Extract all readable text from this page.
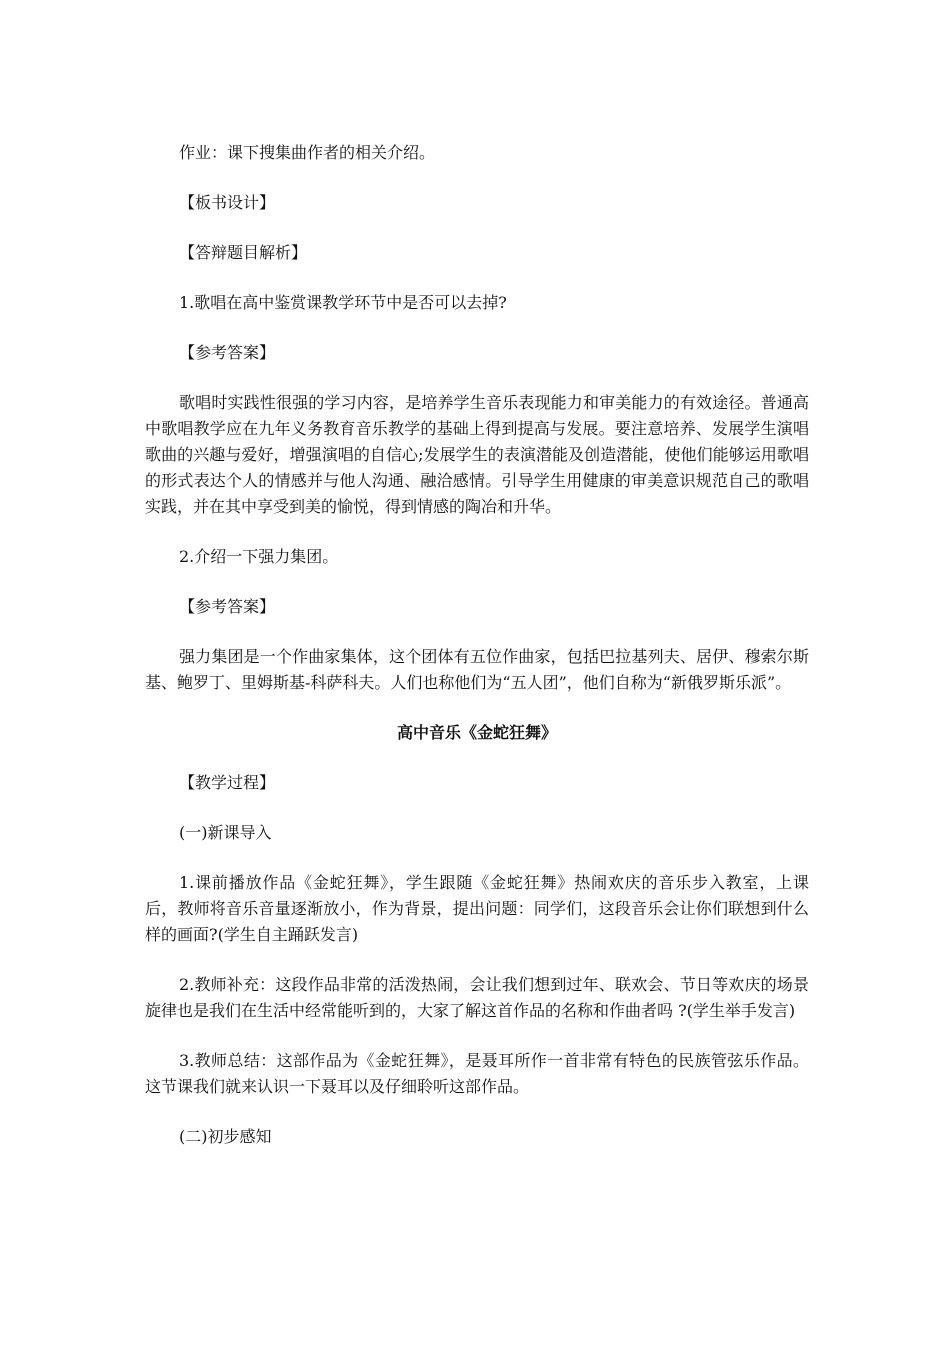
作业：课下搜集曲作者的相关介绍。

【板书设计】

【答辩题目解析】

1.歌唱在高中鉴赏课教学环节中是否可以去掉?

【参考答案】

歌唱时实践性很强的学习内容，是培养学生音乐表现能力和审美能力的有效途径。普通高中歌唱教学应在九年义务教育音乐教学的基础上得到提高与发展。要注意培养、发展学生演唱歌曲的兴趣与爱好，增强演唱的自信心;发展学生的表演潜能及创造潜能，使他们能够运用歌唱的形式表达个人的情感并与他人沟通、融洽感情。引导学生用健康的审美意识规范自己的歌唱实践，并在其中享受到美的愉悦，得到情感的陶冶和升华。

2.介绍一下强力集团。

【参考答案】

强力集团是一个作曲家集体，这个团体有五位作曲家，包括巴拉基列夫、居伊、穆索尔斯基、鲍罗丁、里姆斯基-科萨科夫。人们也称他们为“五人团”，他们自称为“新俄罗斯乐派”。

高中音乐《金蛇狂舞》

【教学过程】

(一)新课导入

1.课前播放作品《金蛇狂舞》，学生跟随《金蛇狂舞》热闹欢庆的音乐步入教室，上课后，教师将音乐音量逐渐放小，作为背景，提出问题：同学们，这段音乐会让你们联想到什么样的画面?(学生自主踊跃发言)

2.教师补充：这段作品非常的活泼热闹，会让我们想到过年、联欢会、节日等欢庆的场景旋律也是我们在生活中经常能听到的，大家了解这首作品的名称和作曲者吗 ?(学生举手发言)

3.教师总结：这部作品为《金蛇狂舞》，是聂耳所作一首非常有特色的民族管弦乐作品。这节课我们就来认识一下聂耳以及仔细聆听这部作品。

(二)初步感知
